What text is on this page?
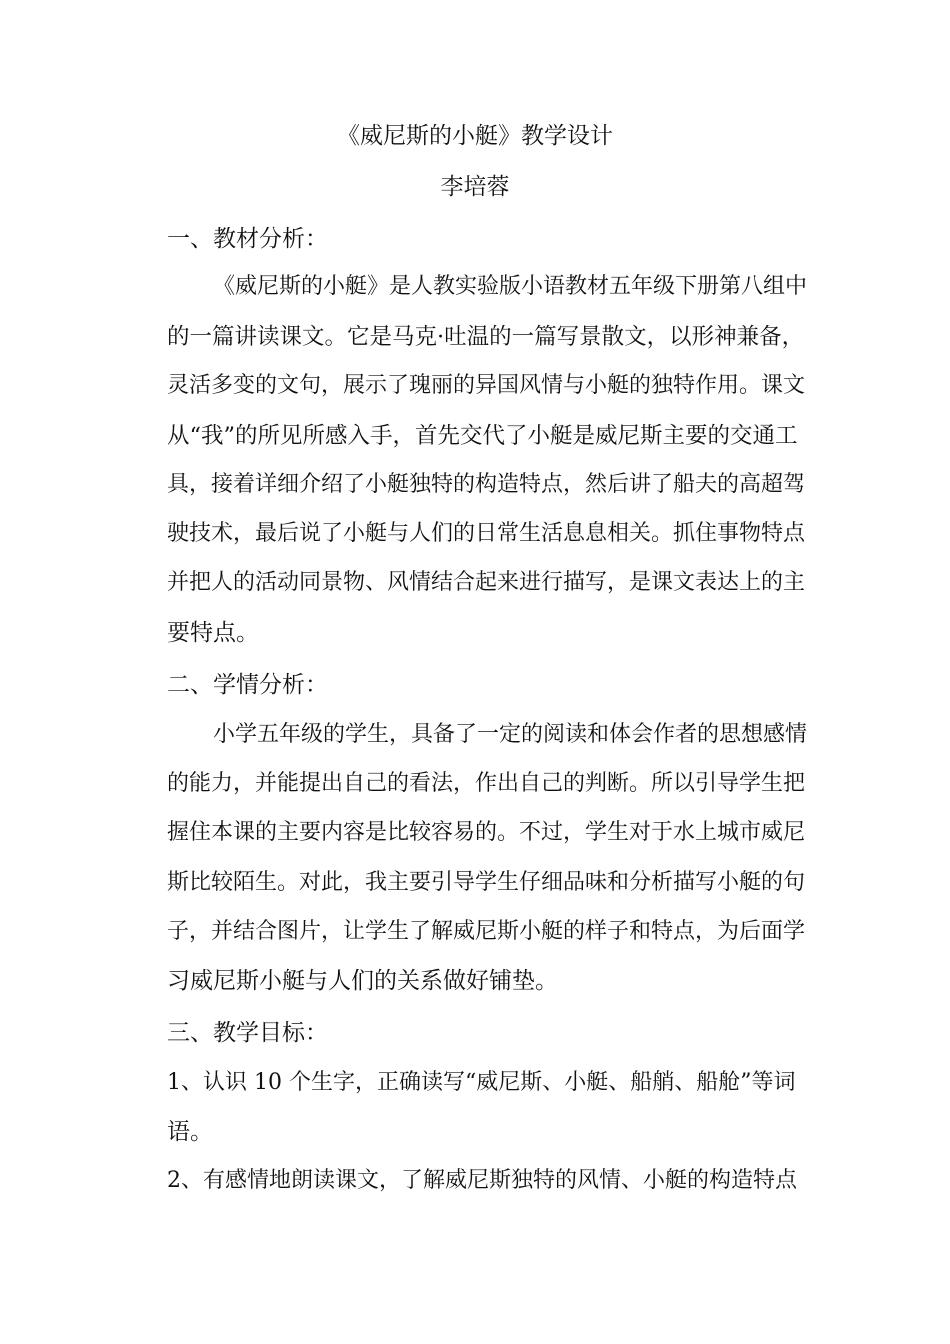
《威尼斯的小艇》教学设计
李培蓉
一、教材分析：
《威尼斯的小艇》是人教实验版小语教材五年级下册第八组中
的一篇讲读课文。它是马克·吐温的一篇写景散文，以形神兼备，
灵活多变的文句，展示了瑰丽的异国风情与小艇的独特作用。课文
从“我”的所见所感入手，首先交代了小艇是威尼斯主要的交通工
具，接着详细介绍了小艇独特的构造特点，然后讲了船夫的高超驾
驶技术，最后说了小艇与人们的日常生活息息相关。抓住事物特点
并把人的活动同景物、风情结合起来进行描写，是课文表达上的主
要特点。
二、学情分析：
小学五年级的学生，具备了一定的阅读和体会作者的思想感情
的能力，并能提出自己的看法，作出自己的判断。所以引导学生把
握住本课的主要内容是比较容易的。不过，学生对于水上城市威尼
斯比较陌生。对此，我主要引导学生仔细品味和分析描写小艇的句
子，并结合图片，让学生了解威尼斯小艇的样子和特点，为后面学
习威尼斯小艇与人们的关系做好铺垫。
三、教学目标：
1、认识 10 个生字，正确读写“威尼斯、小艇、船艄、船舱”等词
语。
2、有感情地朗读课文，了解威尼斯独特的风情、小艇的构造特点
